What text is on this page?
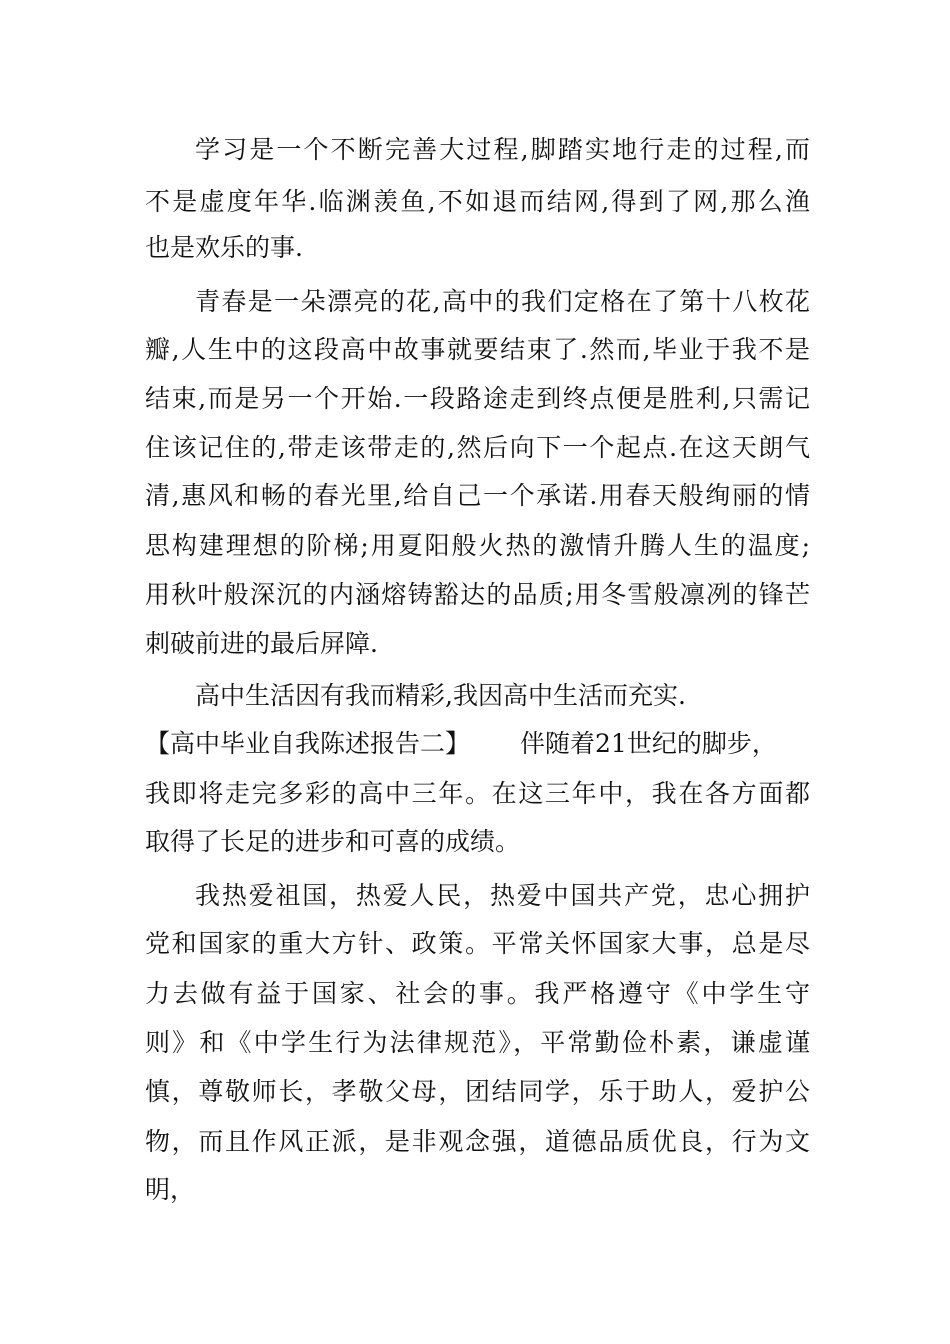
学习是一个不断完善大过程,脚踏实地行走的过程,而
不是虚度年华.临渊羡鱼,不如退而结网,得到了网,那么渔
也是欢乐的事.
青春是一朵漂亮的花,高中的我们定格在了第十八枚花
瓣,人生中的这段高中故事就要结束了.然而,毕业于我不是
结束,而是另一个开始.一段路途走到终点便是胜利,只需记
住该记住的,带走该带走的,然后向下一个起点.在这天朗气
清,惠风和畅的春光里,给自己一个承诺.用春天般绚丽的情
思构建理想的阶梯;用夏阳般火热的激情升腾人生的温度;
用秋叶般深沉的内涵熔铸豁达的品质;用冬雪般凛冽的锋芒
刺破前进的最后屏障.
高中生活因有我而精彩,我因高中生活而充实.
【高中毕业自我陈述报告二】 伴随着21世纪的脚步，
我即将走完多彩的高中三年。在这三年中，我在各方面都
取得了长足的进步和可喜的成绩。
我热爱祖国，热爱人民，热爱中国共产党，忠心拥护
党和国家的重大方针、政策。平常关怀国家大事，总是尽
力去做有益于国家、社会的事。我严格遵守《中学生守
则》和《中学生行为法律规范》，平常勤俭朴素，谦虚谨
慎，尊敬师长，孝敬父母，团结同学，乐于助人，爱护公
物，而且作风正派，是非观念强，道德品质优良，行为文
明，
